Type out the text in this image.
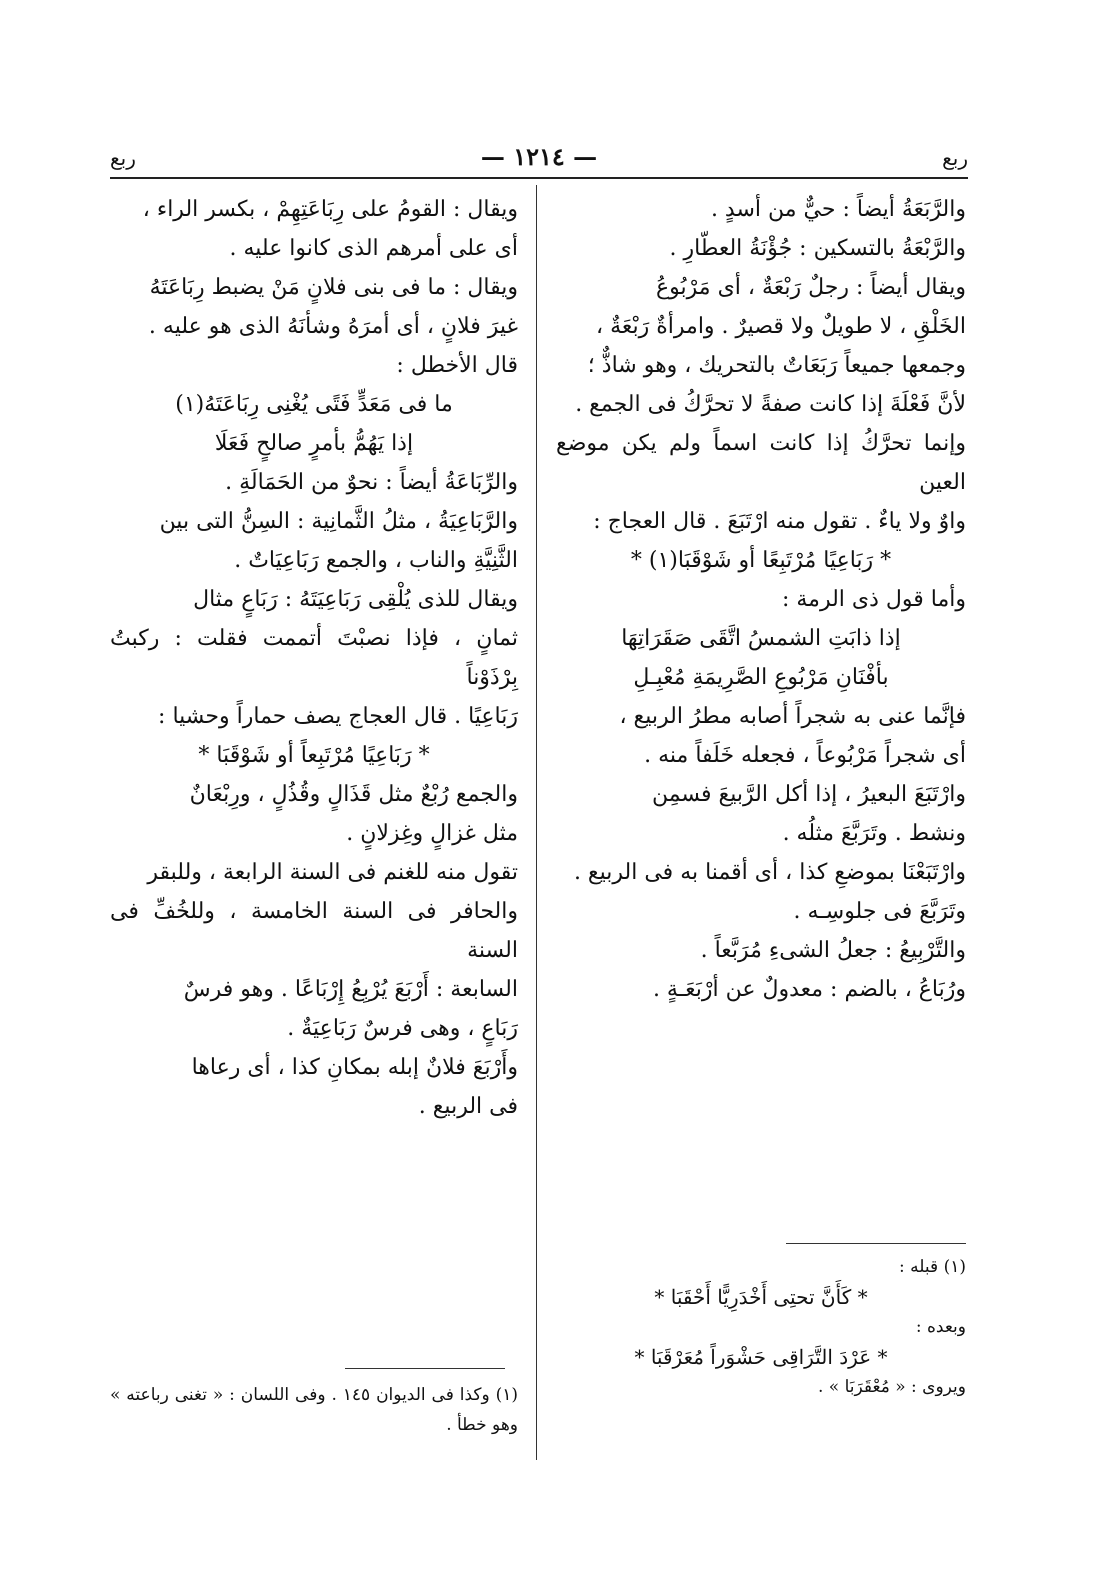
ربع
— ١٢١٤ —
ربع

والرَّبَعَةُ أيضاً : حيٌّ من أسدٍ .

والرَّبْعَةُ بالتسكين : جُؤْنَةُ العطّارِ .

ويقال أيضاً : رجلٌ رَبْعَةٌ ، أى مَرْبُوعُ

الخَلْقِ ، لا طويلٌ ولا قصيرٌ . وامرأةٌ رَبْعَةٌ ،

وجمعها جميعاً رَبَعَاتٌ بالتحريك ، وهو شاذٌّ ؛

لأنَّ فَعْلَةَ إذا كانت صفةً لا تحرَّكُ فى الجمع .

وإنما تحرَّكُ إذا كانت اسماً ولم يكن موضع العين

واوٌ ولا ياءٌ . تقول منه ارْتَبَعَ . قال العجاج :

* رَبَاعِيًا مُرْتَبِعًا أو شَوْقَبَا(١) *

وأما قول ذى الرمة :

إذا ذابَتِ الشمسُ اتَّقَى صَقَرَاتِهَا

بأفْنَانِ مَرْبُوعِ الصَّرِيمَةِ مُعْبِـلِ

فإنَّما عنى به شجراً أصابه مطرُ الربيع ،

أى شجراً مَرْبُوعاً ، فجعله خَلَفاً منه .

وارْتَبَعَ البعيرُ ، إذا أكل الرَّبيعَ فسمِن

ونشط . وتَرَبَّعَ مثلُه .

وارْتَبَعْنَا بموضعِ كذا ، أى أقمنا به فى الربيع .

وتَرَبَّعَ فى جلوسِـه .

والتَّرْبِيعُ : جعلُ الشىءِ مُرَبَّعاً .

ورُبَاعُ ، بالضم : معدولٌ عن أرْبَعَـةٍ .

(١) قبله :

* كَأَنَّ تحتِى أَخْدَرِيًّا أَحْقَبَا *

وبعده :

* عَرْدَ التَّرَاقِى حَشْوَراً مُعَرْقَبَا *

ويروى : « مُعْقَرَبَا » .

ويقال : القومُ على رِبَاعَتِهِمْ ، بكسر الراء ،

أى على أمرهم الذى كانوا عليه .

ويقال : ما فى بنى فلانٍ مَنْ يضبط رِبَاعَتَهُ

غيرَ فلانٍ ، أى أمرَهُ وشأنَهُ الذى هو عليه .

قال الأخطل :

ما فى مَعَدٍّ فَتًى يُغْنِى رِبَاعَتَهُ(١)

إذا يَهُمُّ بأمرٍ صالحٍ فَعَلَا

والرِّبَاعَةُ أيضاً : نحوٌ من الحَمَالَةِ .

والرَّبَاعِيَةُ ، مثلُ الثَّمانِية : السِنُّ التى بين

الثَّنِيَّةِ والناب ، والجمع رَبَاعِيَاتٌ .

ويقال للذى يُلْقِى رَبَاعِيَتَهُ : رَبَاعٍ مثال

ثمانٍ ، فإذا نصبْتَ أتممت فقلت : ركبتُ بِرْذَوْناً

رَبَاعِيًا . قال العجاج يصف حماراً وحشيا :

* رَبَاعِيًا مُرْتَبِعاً أو شَوْقَبَا *

والجمع رُبْعٌ مثل قَذَالٍ وقُذُلٍ ، ورِبْعَانٌ

مثل غزالٍ وغِزلانٍ .

تقول منه للغنم فى السنة الرابعة ، وللبقر

والحافر فى السنة الخامسة ، وللخُفِّ فى السنة

السابعة : أَرْبَعَ يُرْبِعُ إِرْبَاعًا . وهو فرسٌ

رَبَاعٍ ، وهى فرسٌ رَبَاعِيَةٌ .

وأَرْبَعَ فلانٌ إبله بمكانِ كذا ، أى رعاها

فى الربيع .

(١) وكذا فى الديوان ١٤٥ . وفى اللسان : « تغنى رباعته » وهو خطأ .
